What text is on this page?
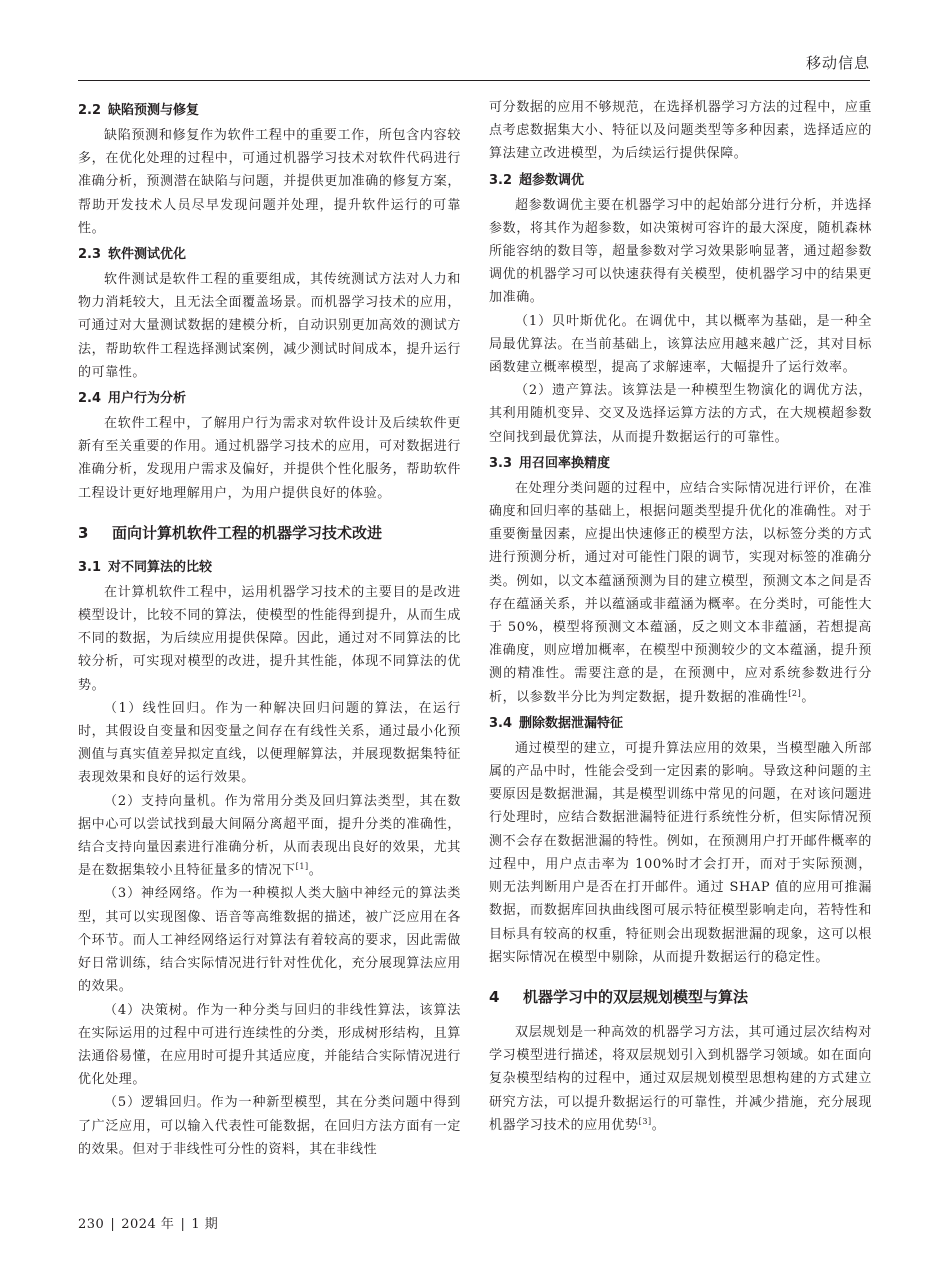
移动信息
2.2 缺陷预测与修复

缺陷预测和修复作为软件工程中的重要工作，所包含内容较多，在优化处理的过程中，可通过机器学习技术对软件代码进行准确分析，预测潜在缺陷与问题，并提供更加准确的修复方案，帮助开发技术人员尽早发现问题并处理，提升软件运行的可靠性。

2.3 软件测试优化

软件测试是软件工程的重要组成，其传统测试方法对人力和物力消耗较大，且无法全面覆盖场景。而机器学习技术的应用，可通过对大量测试数据的建模分析，自动识别更加高效的测试方法，帮助软件工程选择测试案例，减少测试时间成本，提升运行的可靠性。

2.4 用户行为分析

在软件工程中，了解用户行为需求对软件设计及后续软件更新有至关重要的作用。通过机器学习技术的应用，可对数据进行准确分析，发现用户需求及偏好，并提供个性化服务，帮助软件工程设计更好地理解用户，为用户提供良好的体验。

3 面向计算机软件工程的机器学习技术改进
3.1 对不同算法的比较

在计算机软件工程中，运用机器学习技术的主要目的是改进模型设计，比较不同的算法，使模型的性能得到提升，从而生成不同的数据，为后续应用提供保障。因此，通过对不同算法的比较分析，可实现对模型的改进，提升其性能，体现不同算法的优势。

（1）线性回归。作为一种解决回归问题的算法，在运行时，其假设自变量和因变量之间存在有线性关系，通过最小化预测值与真实值差异拟定直线，以便理解算法，并展现数据集特征表现效果和良好的运行效果。

（2）支持向量机。作为常用分类及回归算法类型，其在数据中心可以尝试找到最大间隔分离超平面，提升分类的准确性，结合支持向量因素进行准确分析，从而表现出良好的效果，尤其是在数据集较小且特征量多的情况下[1]。

（3）神经网络。作为一种模拟人类大脑中神经元的算法类型，其可以实现图像、语音等高维数据的描述，被广泛应用在各个环节。而人工神经网络运行对算法有着较高的要求，因此需做好日常训练，结合实际情况进行针对性优化，充分展现算法应用的效果。

（4）决策树。作为一种分类与回归的非线性算法，该算法在实际运用的过程中可进行连续性的分类，形成树形结构，且算法通俗易懂，在应用时可提升其适应度，并能结合实际情况进行优化处理。

（5）逻辑回归。作为一种新型模型，其在分类问题中得到了广泛应用，可以输入代表性可能数据，在回归方法方面有一定的效果。但对于非线性可分性的资料，其在非线性

可分数据的应用不够规范，在选择机器学习方法的过程中，应重点考虑数据集大小、特征以及问题类型等多种因素，选择适应的算法建立改进模型，为后续运行提供保障。

3.2 超参数调优

超参数调优主要在机器学习中的起始部分进行分析，并选择参数，将其作为超参数，如决策树可容许的最大深度，随机森林所能容纳的数目等，超量参数对学习效果影响显著，通过超参数调优的机器学习可以快速获得有关模型，使机器学习中的结果更加准确。

（1）贝叶斯优化。在调优中，其以概率为基础，是一种全局最优算法。在当前基础上，该算法应用越来越广泛，其对目标函数建立概率模型，提高了求解速率，大幅提升了运行效率。

（2）遗产算法。该算法是一种模型生物演化的调优方法，其利用随机变异、交叉及选择运算方法的方式，在大规模超参数空间找到最优算法，从而提升数据运行的可靠性。

3.3 用召回率换精度

在处理分类问题的过程中，应结合实际情况进行评价，在准确度和回归率的基础上，根据问题类型提升优化的准确性。对于重要衡量因素，应提出快速修正的模型方法，以标签分类的方式进行预测分析，通过对可能性门限的调节，实现对标签的准确分类。例如，以文本蕴涵预测为目的建立模型，预测文本之间是否存在蕴涵关系，并以蕴涵或非蕴涵为概率。在分类时，可能性大于 50%，模型将预测文本蕴涵，反之则文本非蕴涵，若想提高准确度，则应增加概率，在模型中预测较少的文本蕴涵，提升预测的精准性。需要注意的是，在预测中，应对系统参数进行分析，以参数半分比为判定数据，提升数据的准确性[2]。

3.4 删除数据泄漏特征

通过模型的建立，可提升算法应用的效果，当模型融入所部属的产品中时，性能会受到一定因素的影响。导致这种问题的主要原因是数据泄漏，其是模型训练中常见的问题，在对该问题进行处理时，应结合数据泄漏特征进行系统性分析，但实际情况预测不会存在数据泄漏的特性。例如，在预测用户打开邮件概率的过程中，用户点击率为 100%时才会打开，而对于实际预测，则无法判断用户是否在打开邮件。通过 SHAP 值的应用可推漏数据，而数据库回执曲线图可展示特征模型影响走向，若特性和目标具有较高的权重，特征则会出现数据泄漏的现象，这可以根据实际情况在模型中剔除，从而提升数据运行的稳定性。

4 机器学习中的双层规划模型与算法

双层规划是一种高效的机器学习方法，其可通过层次结构对学习模型进行描述，将双层规划引入到机器学习领域。如在面向复杂模型结构的过程中，通过双层规划模型思想构建的方式建立研究方法，可以提升数据运行的可靠性，并减少措施，充分展现机器学习技术的应用优势[3]。

230 | 2024 年 | 1 期
